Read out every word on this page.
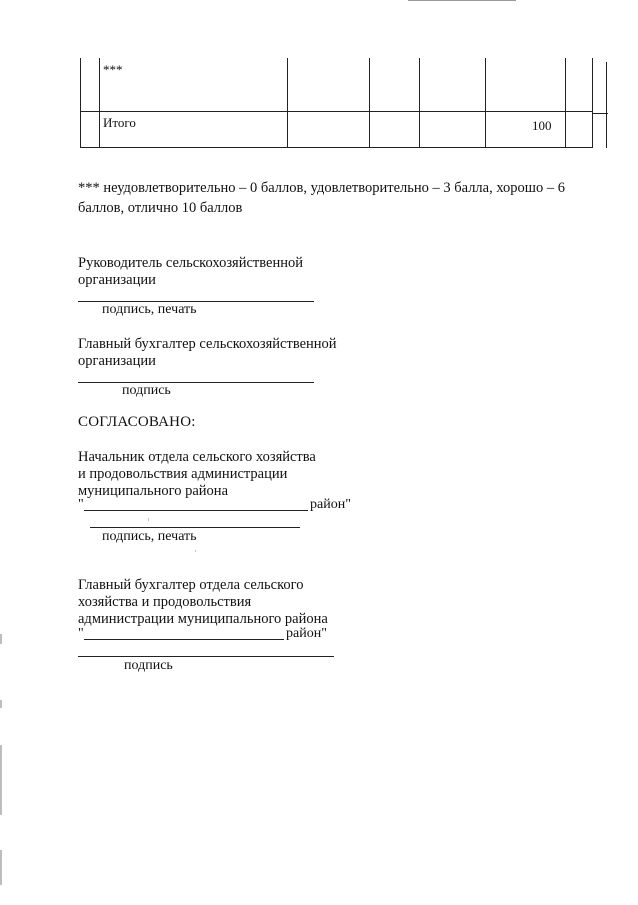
***
Итого	100
*** неудовлетворительно – 0 баллов, удовлетворительно – 3 балла, хорошо – 6 баллов, отлично 10 баллов
Руководитель сельскохозяйственной
организации
подпись, печать
Главный бухгалтер сельскохозяйственной
организации
подпись
СОГЛАСОВАНО:
Начальник отдела сельского хозяйства
и продовольствия администрации
муниципального района
"	район"
подпись, печать
Главный бухгалтер отдела сельского
хозяйства и продовольствия
администрации муниципального района
"	район"
подпись
